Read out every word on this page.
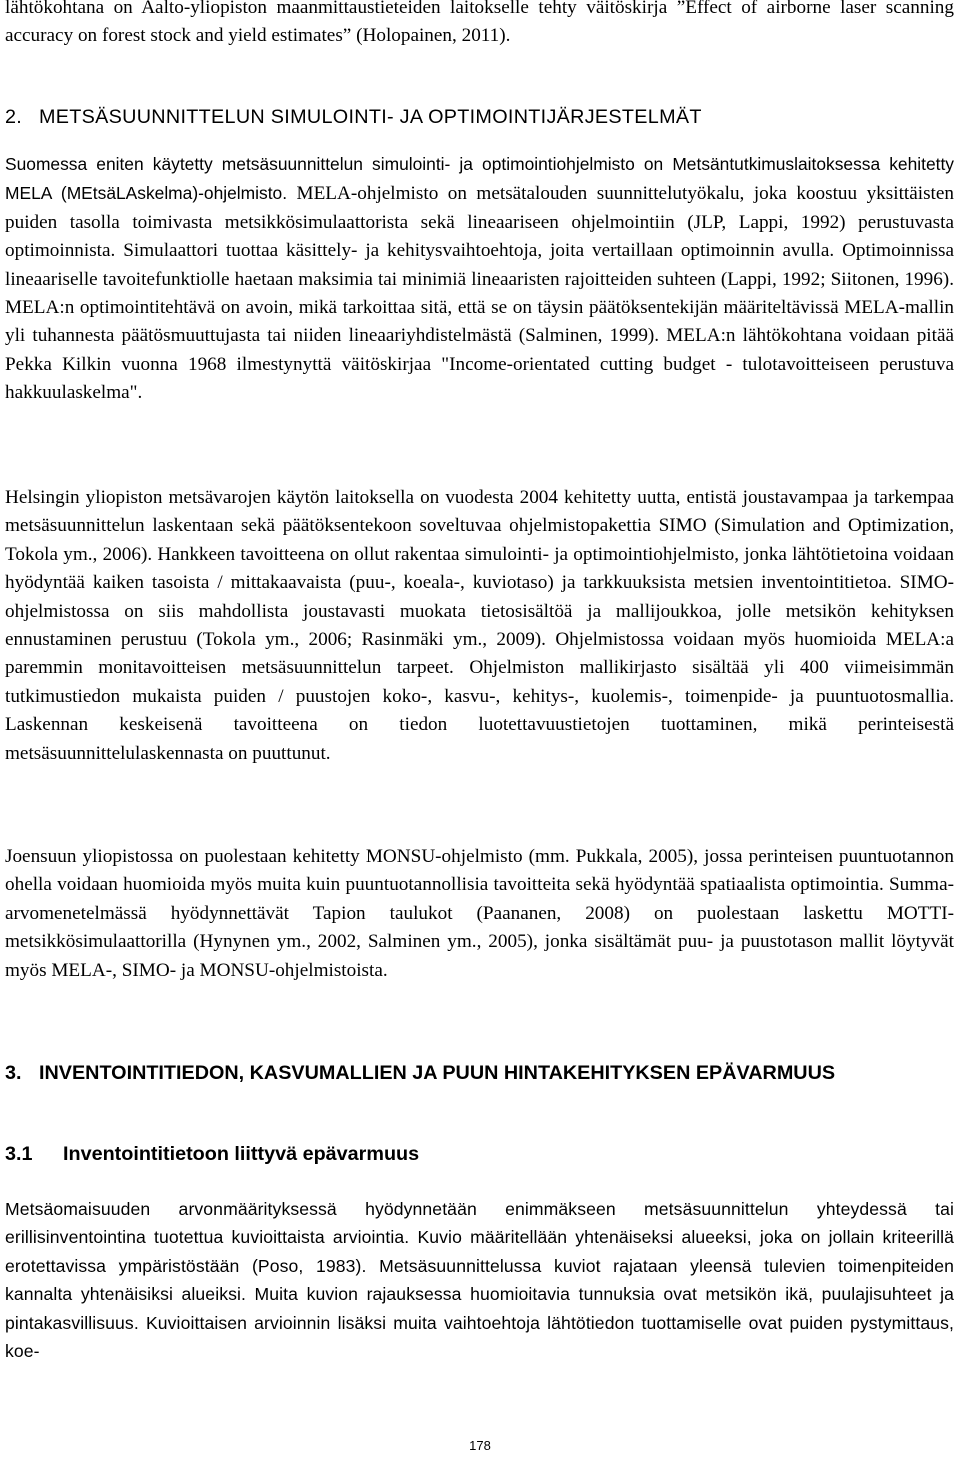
lähtökohtana on Aalto-yliopiston maanmittaustieteiden laitokselle tehty väitöskirja ”Effect of airborne laser scanning accuracy on forest stock and yield estimates” (Holopainen, 2011).

2. METSÄSUUNNITTELUN SIMULOINTI- JA OPTIMOINTIJÄRJESTELMÄT

Suomessa eniten käytetty metsäsuunnittelun simulointi- ja optimointiohjelmisto on Metsäntutkimuslaitoksessa kehitetty MELA (MEtsäLAskelma)-ohjelmisto. MELA-ohjelmisto on metsätalouden suunnittelutyökalu, joka koostuu yksittäisten puiden tasolla toimivasta metsikkösimulaattorista sekä lineaariseen ohjelmointiin (JLP, Lappi, 1992) perustuvasta optimoinnista. Simulaattori tuottaa käsittely- ja kehitysvaihtoehtoja, joita vertaillaan optimoinnin avulla. Optimoinnissa lineaariselle tavoitefunktiolle haetaan maksimia tai minimiä lineaaristen rajoitteiden suhteen (Lappi, 1992; Siitonen, 1996). MELA:n optimointitehtävä on avoin, mikä tarkoittaa sitä, että se on täysin päätöksentekijän määriteltävissä MELA-mallin yli tuhannesta päätösmuuttujasta tai niiden lineaariyhdistelmästä (Salminen, 1999). MELA:n lähtökohtana voidaan pitää Pekka Kilkin vuonna 1968 ilmestynyttä väitöskirjaa "Income-orientated cutting budget - tulotavoitteiseen perustuva hakkuulaskelma".

Helsingin yliopiston metsävarojen käytön laitoksella on vuodesta 2004 kehitetty uutta, entistä joustavampaa ja tarkempaa metsäsuunnittelun laskentaan sekä päätöksentekoon soveltuvaa ohjelmistopakettia SIMO (Simulation and Optimization, Tokola ym., 2006). Hankkeen tavoitteena on ollut rakentaa simulointi- ja optimointiohjelmisto, jonka lähtötietoina voidaan hyödyntää kaiken tasoista / mittakaavaista (puu-, koeala-, kuviotaso) ja tarkkuuksista metsien inventointitietoa. SIMO-ohjelmistossa on siis mahdollista joustavasti muokata tietosisältöä ja mallijoukkoa, jolle metsikön kehityksen ennustaminen perustuu (Tokola ym., 2006; Rasinmäki ym., 2009). Ohjelmistossa voidaan myös huomioida MELA:a paremmin monitavoitteisen metsäsuunnittelun tarpeet. Ohjelmiston mallikirjasto sisältää yli 400 viimeisimmän tutkimustiedon mukaista puiden / puustojen koko-, kasvu-, kehitys-, kuolemis-, toimenpide- ja puuntuotosmallia. Laskennan keskeisenä tavoitteena on tiedon luotettavuustietojen tuottaminen, mikä perinteisestä metsäsuunnittelulaskennasta on puuttunut.

Joensuun yliopistossa on puolestaan kehitetty MONSU-ohjelmisto (mm. Pukkala, 2005), jossa perinteisen puuntuotannon ohella voidaan huomioida myös muita kuin puuntuotannollisia tavoitteita sekä hyödyntää spatiaalista optimointia. Summa-arvomenetelmässä hyödynnettävät Tapion taulukot (Paananen, 2008) on puolestaan laskettu MOTTI-metsikkösimulaattorilla (Hynynen ym., 2002, Salminen ym., 2005), jonka sisältämät puu- ja puustotason mallit löytyvät myös MELA-, SIMO- ja MONSU-ohjelmistoista.

3. INVENTOINTITIEDON, KASVUMALLIEN JA PUUN HINTAKEHITYKSEN EPÄVARMUUS
3.1	Inventointitietoon liittyvä epävarmuus

Metsäomaisuuden arvonmäärityksessä hyödynnetään enimmäkseen metsäsuunnittelun yhteydessä tai erillisinventointina tuotettua kuvioittaista arviointia. Kuvio määritellään yhtenäiseksi alueeksi, joka on jollain kriteerillä erotettavissa ympäristöstään (Poso, 1983). Metsäsuunnittelussa kuviot rajataan yleensä tulevien toimenpiteiden kannalta yhtenäisiksi alueiksi. Muita kuvion rajauksessa huomioitavia tunnuksia ovat metsikön ikä, puulajisuhteet ja pintakasvillisuus. Kuvioittaisen arvioinnin lisäksi muita vaihtoehtoja lähtötiedon tuottamiselle ovat puiden pystymittaus, koe-

178
